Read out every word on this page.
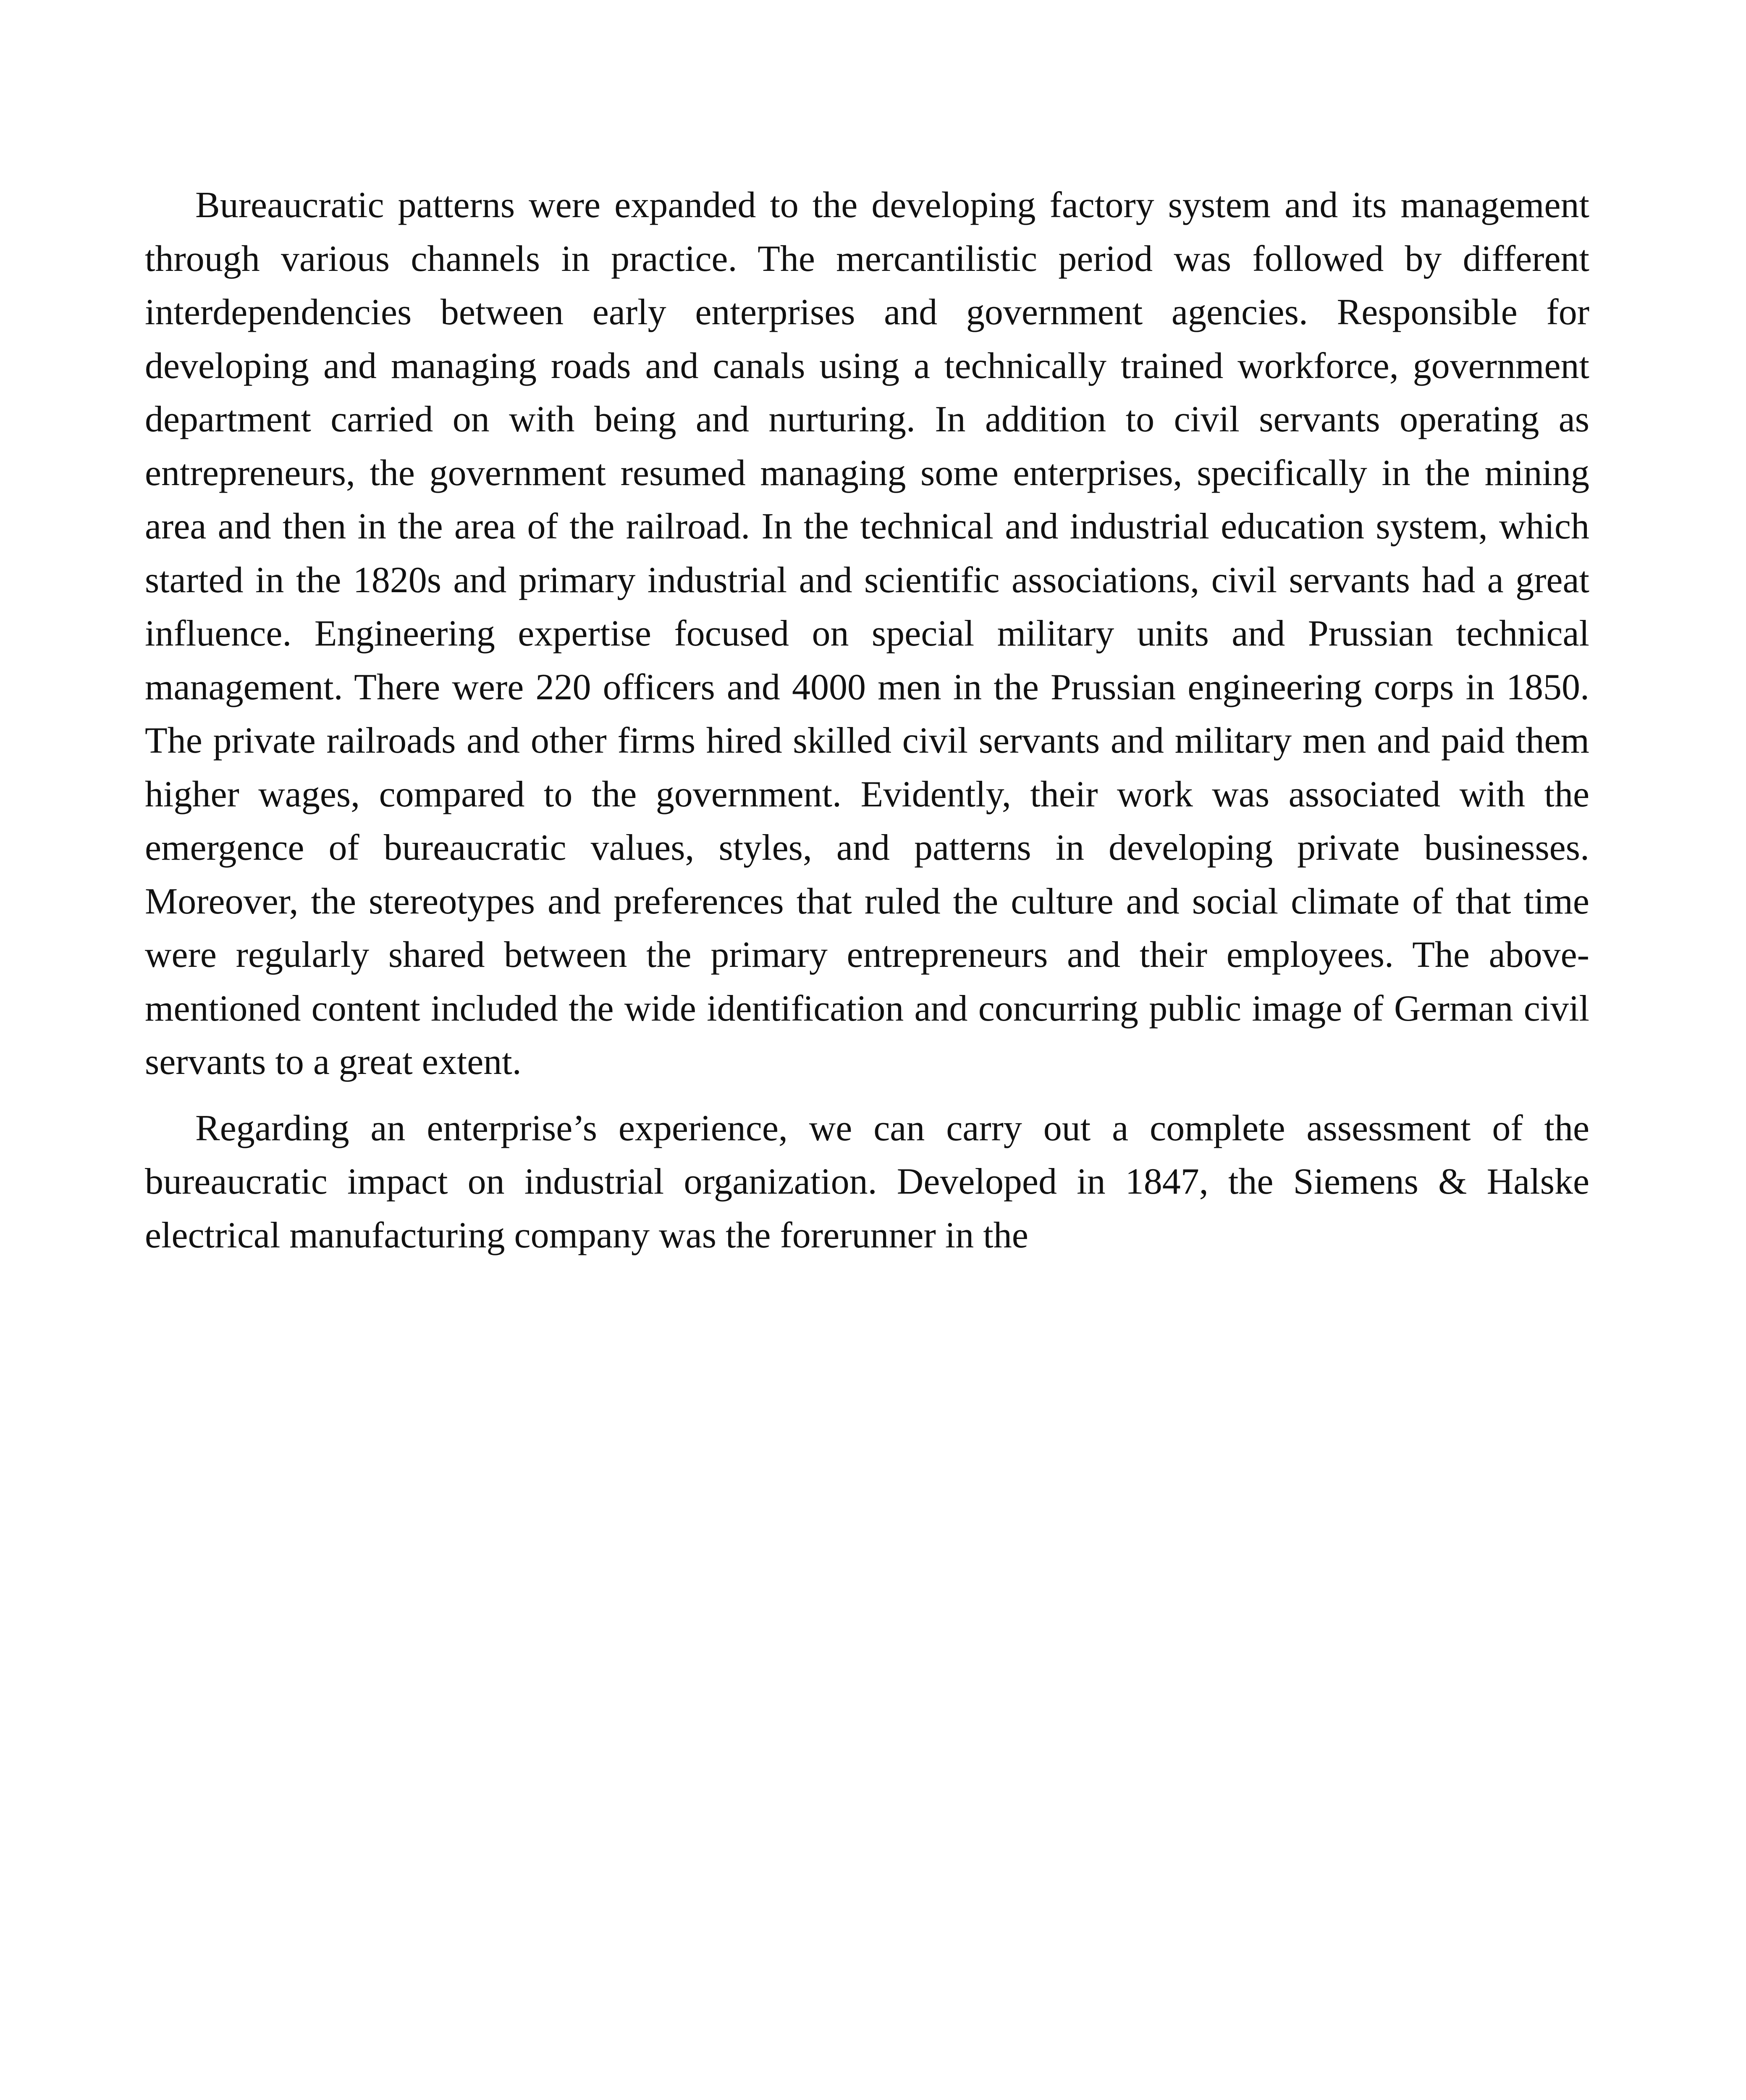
Bureaucratic patterns were expanded to the developing factory system and its management through various channels in practice. The mercantilistic period was followed by different interdependencies between early enterprises and government agencies. Responsible for developing and managing roads and canals using a technically trained workforce, government department carried on with being and nurturing. In addition to civil servants operating as entrepreneurs, the government resumed managing some enterprises, specifically in the mining area and then in the area of the railroad. In the technical and industrial education system, which started in the 1820s and primary industrial and scientific associations, civil servants had a great influence. Engineering expertise focused on special military units and Prussian technical management. There were 220 officers and 4000 men in the Prussian engineering corps in 1850. The private railroads and other firms hired skilled civil servants and military men and paid them higher wages, compared to the government. Evidently, their work was associated with the emergence of bureaucratic values, styles, and patterns in developing private businesses. Moreover, the stereotypes and preferences that ruled the culture and social climate of that time were regularly shared between the primary entrepreneurs and their employees. The above-mentioned content included the wide identification and concurring public image of German civil servants to a great extent.

Regarding an enterprise’s experience, we can carry out a complete assessment of the bureaucratic impact on industrial organization. Developed in 1847, the Siemens & Halske electrical manufacturing company was the forerunner in the
